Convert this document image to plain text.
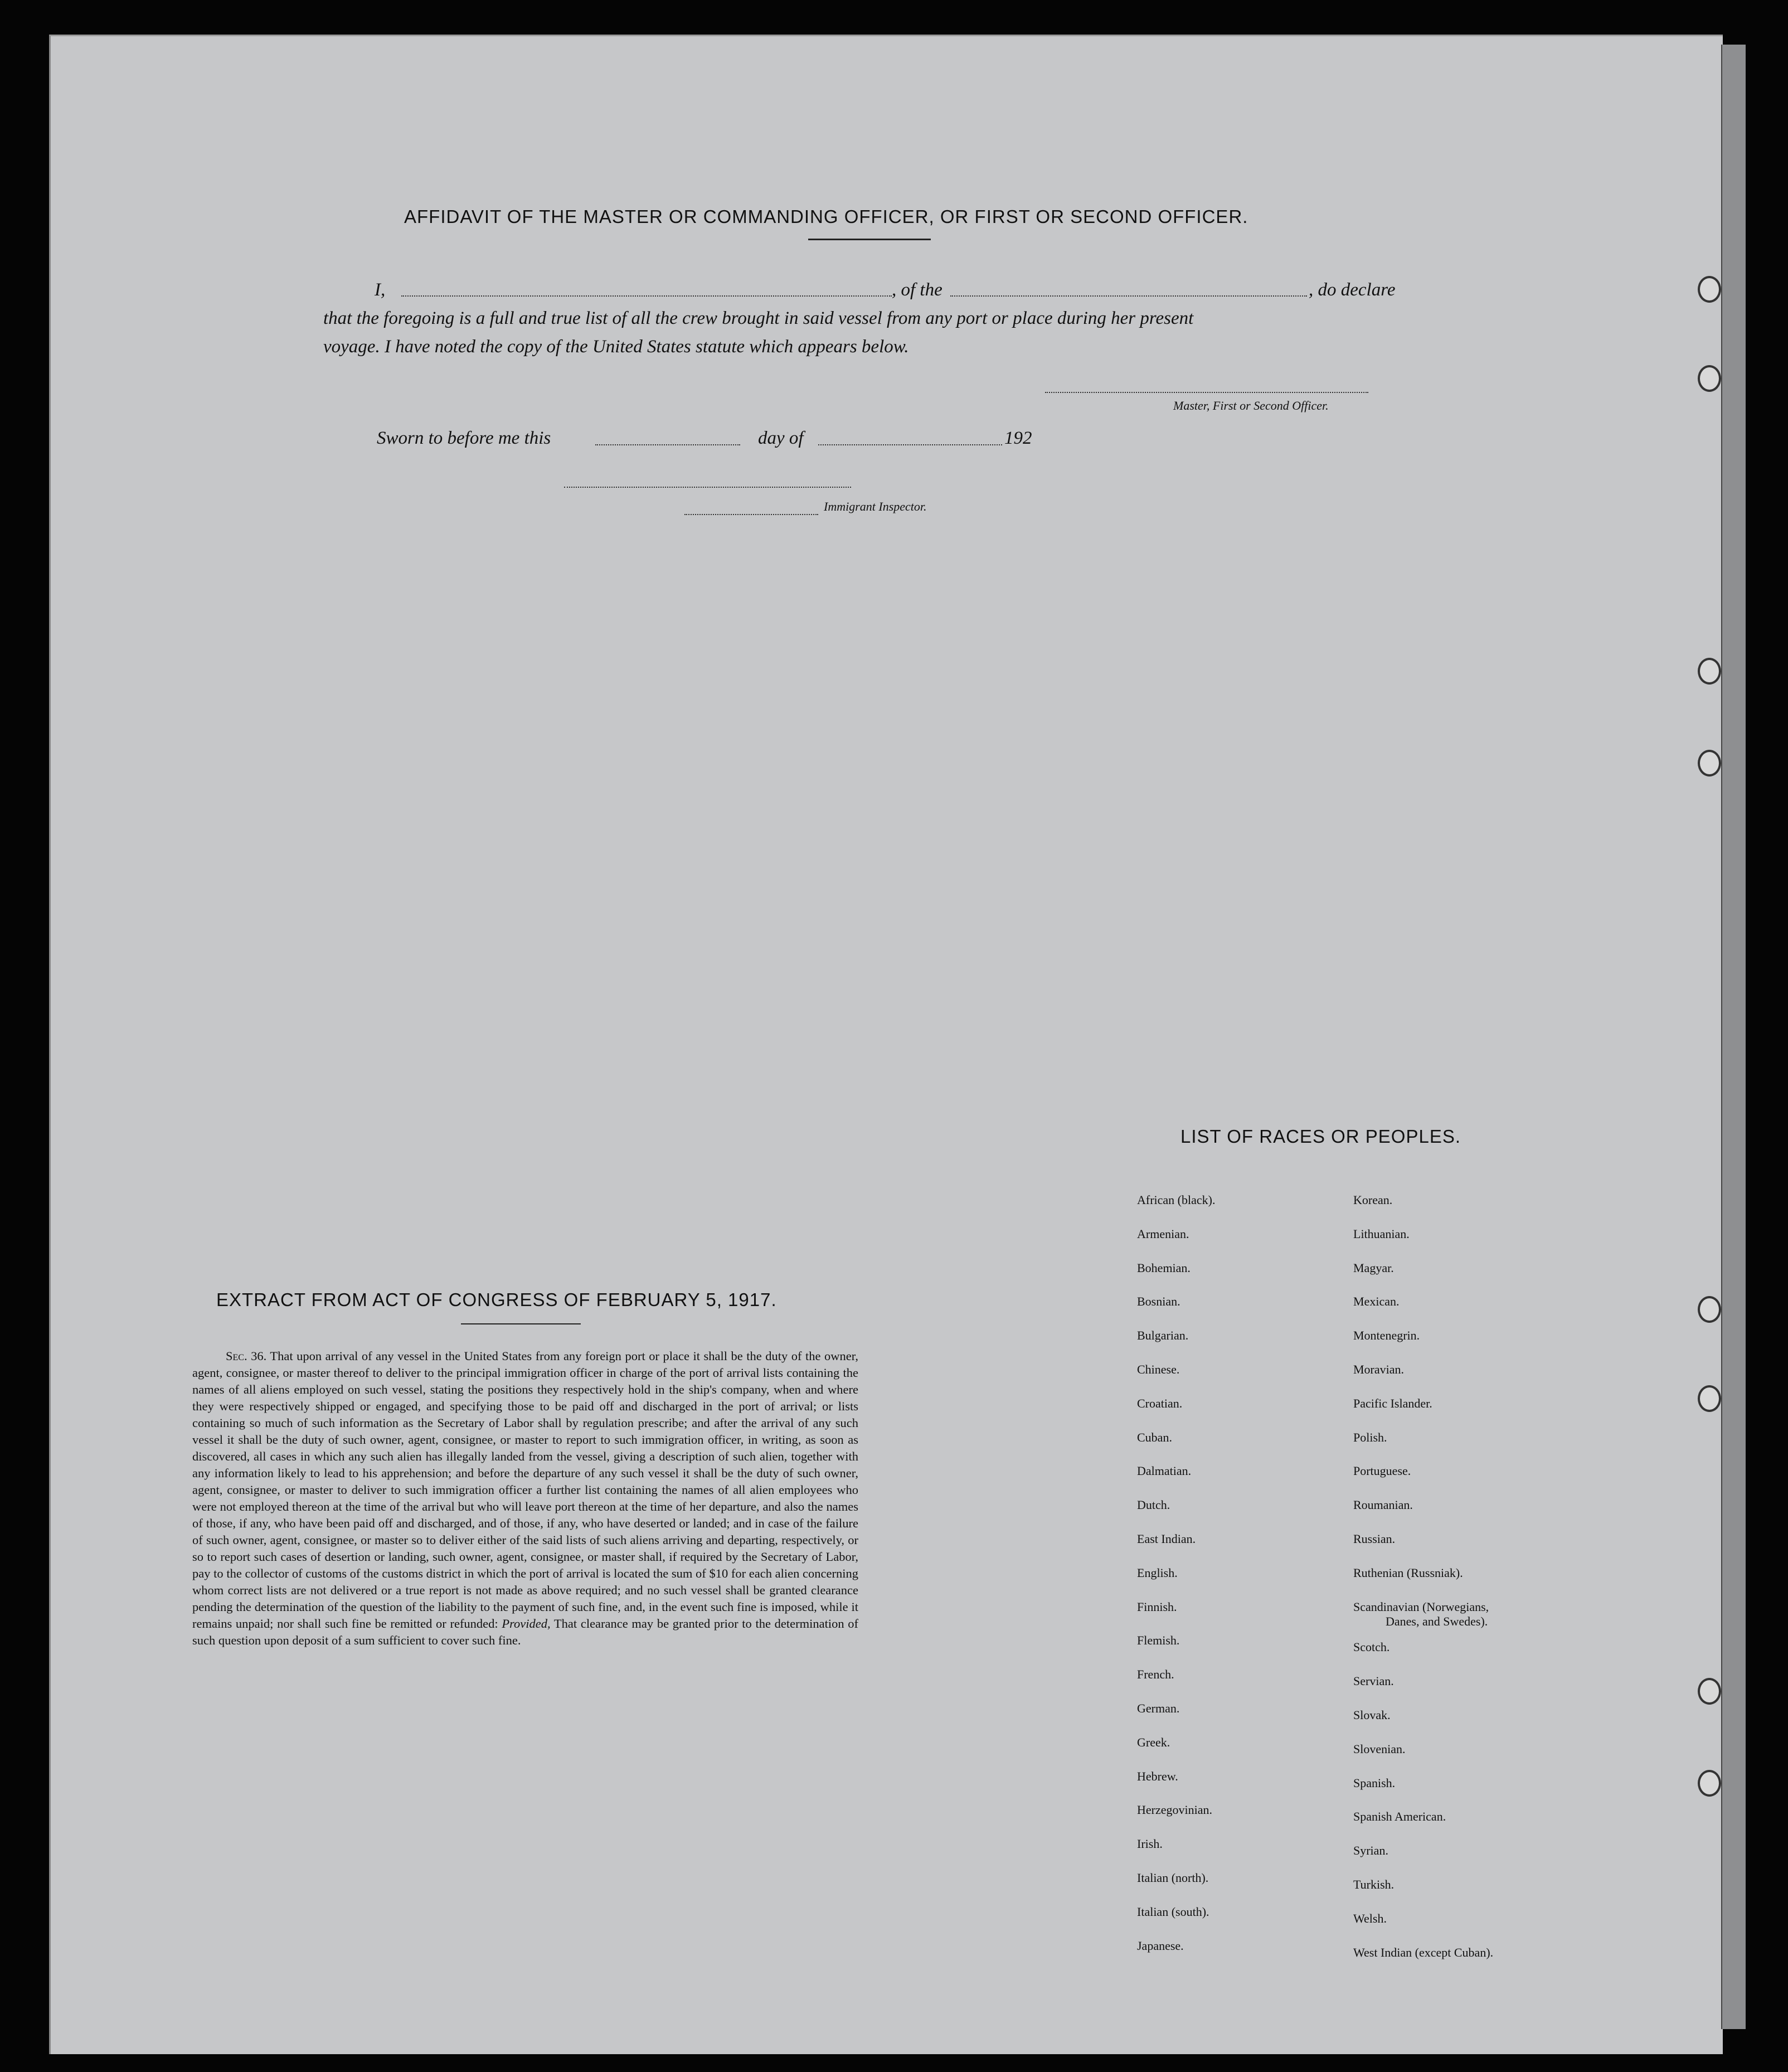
AFFIDAVIT OF THE MASTER OR COMMANDING OFFICER, OR FIRST OR SECOND OFFICER.
I,	, of the	, do declare
that the foregoing is a full and true list of all the crew brought in said vessel from any port or place during her present
voyage. I have noted the copy of the United States statute which appears below.
Master, First or Second Officer.
Sworn to before me this	day of	192
Immigrant Inspector.
EXTRACT FROM ACT OF CONGRESS OF FEBRUARY 5, 1917.
Sec. 36. That upon arrival of any vessel in the United States from any foreign port or place it shall be the duty of the owner, agent, consignee, or master thereof to deliver to the principal immigration officer in charge of the port of arrival lists containing the names of all aliens employed on such vessel, stating the positions they respectively hold in the ship's company, when and where they were respectively shipped or engaged, and specifying those to be paid off and discharged in the port of arrival; or lists containing so much of such information as the Secretary of Labor shall by regulation prescribe; and after the arrival of any such vessel it shall be the duty of such owner, agent, consignee, or master to report to such immigration officer, in writing, as soon as discovered, all cases in which any such alien has illegally landed from the vessel, giving a description of such alien, together with any information likely to lead to his apprehension; and before the departure of any such vessel it shall be the duty of such owner, agent, consignee, or master to deliver to such immigration officer a further list containing the names of all alien employees who were not employed thereon at the time of the arrival but who will leave port thereon at the time of her departure, and also the names of those, if any, who have been paid off and discharged, and of those, if any, who have deserted or landed; and in case of the failure of such owner, agent, consignee, or master so to deliver either of the said lists of such aliens arriving and departing, respectively, or so to report such cases of desertion or landing, such owner, agent, consignee, or master shall, if required by the Secretary of Labor, pay to the collector of customs of the customs district in which the port of arrival is located the sum of $10 for each alien concerning whom correct lists are not delivered or a true report is not made as above required; and no such vessel shall be granted clearance pending the determination of the question of the liability to the payment of such fine, and, in the event such fine is imposed, while it remains unpaid; nor shall such fine be remitted or refunded: Provided, That clearance may be granted prior to the determination of such question upon deposit of a sum sufficient to cover such fine.
LIST OF RACES OR PEOPLES.
African (black).
Armenian.
Bohemian.
Bosnian.
Bulgarian.
Chinese.
Croatian.
Cuban.
Dalmatian.
Dutch.
East Indian.
English.
Finnish.
Flemish.
French.
German.
Greek.
Hebrew.
Herzegovinian.
Irish.
Italian (north).
Italian (south).
Japanese.
Korean.
Lithuanian.
Magyar.
Mexican.
Montenegrin.
Moravian.
Pacific Islander.
Polish.
Portuguese.
Roumanian.
Russian.
Ruthenian (Russniak).
Scandinavian (Norwegians,
Danes, and Swedes).
Scotch.
Servian.
Slovak.
Slovenian.
Spanish.
Spanish American.
Syrian.
Turkish.
Welsh.
West Indian (except Cuban).
